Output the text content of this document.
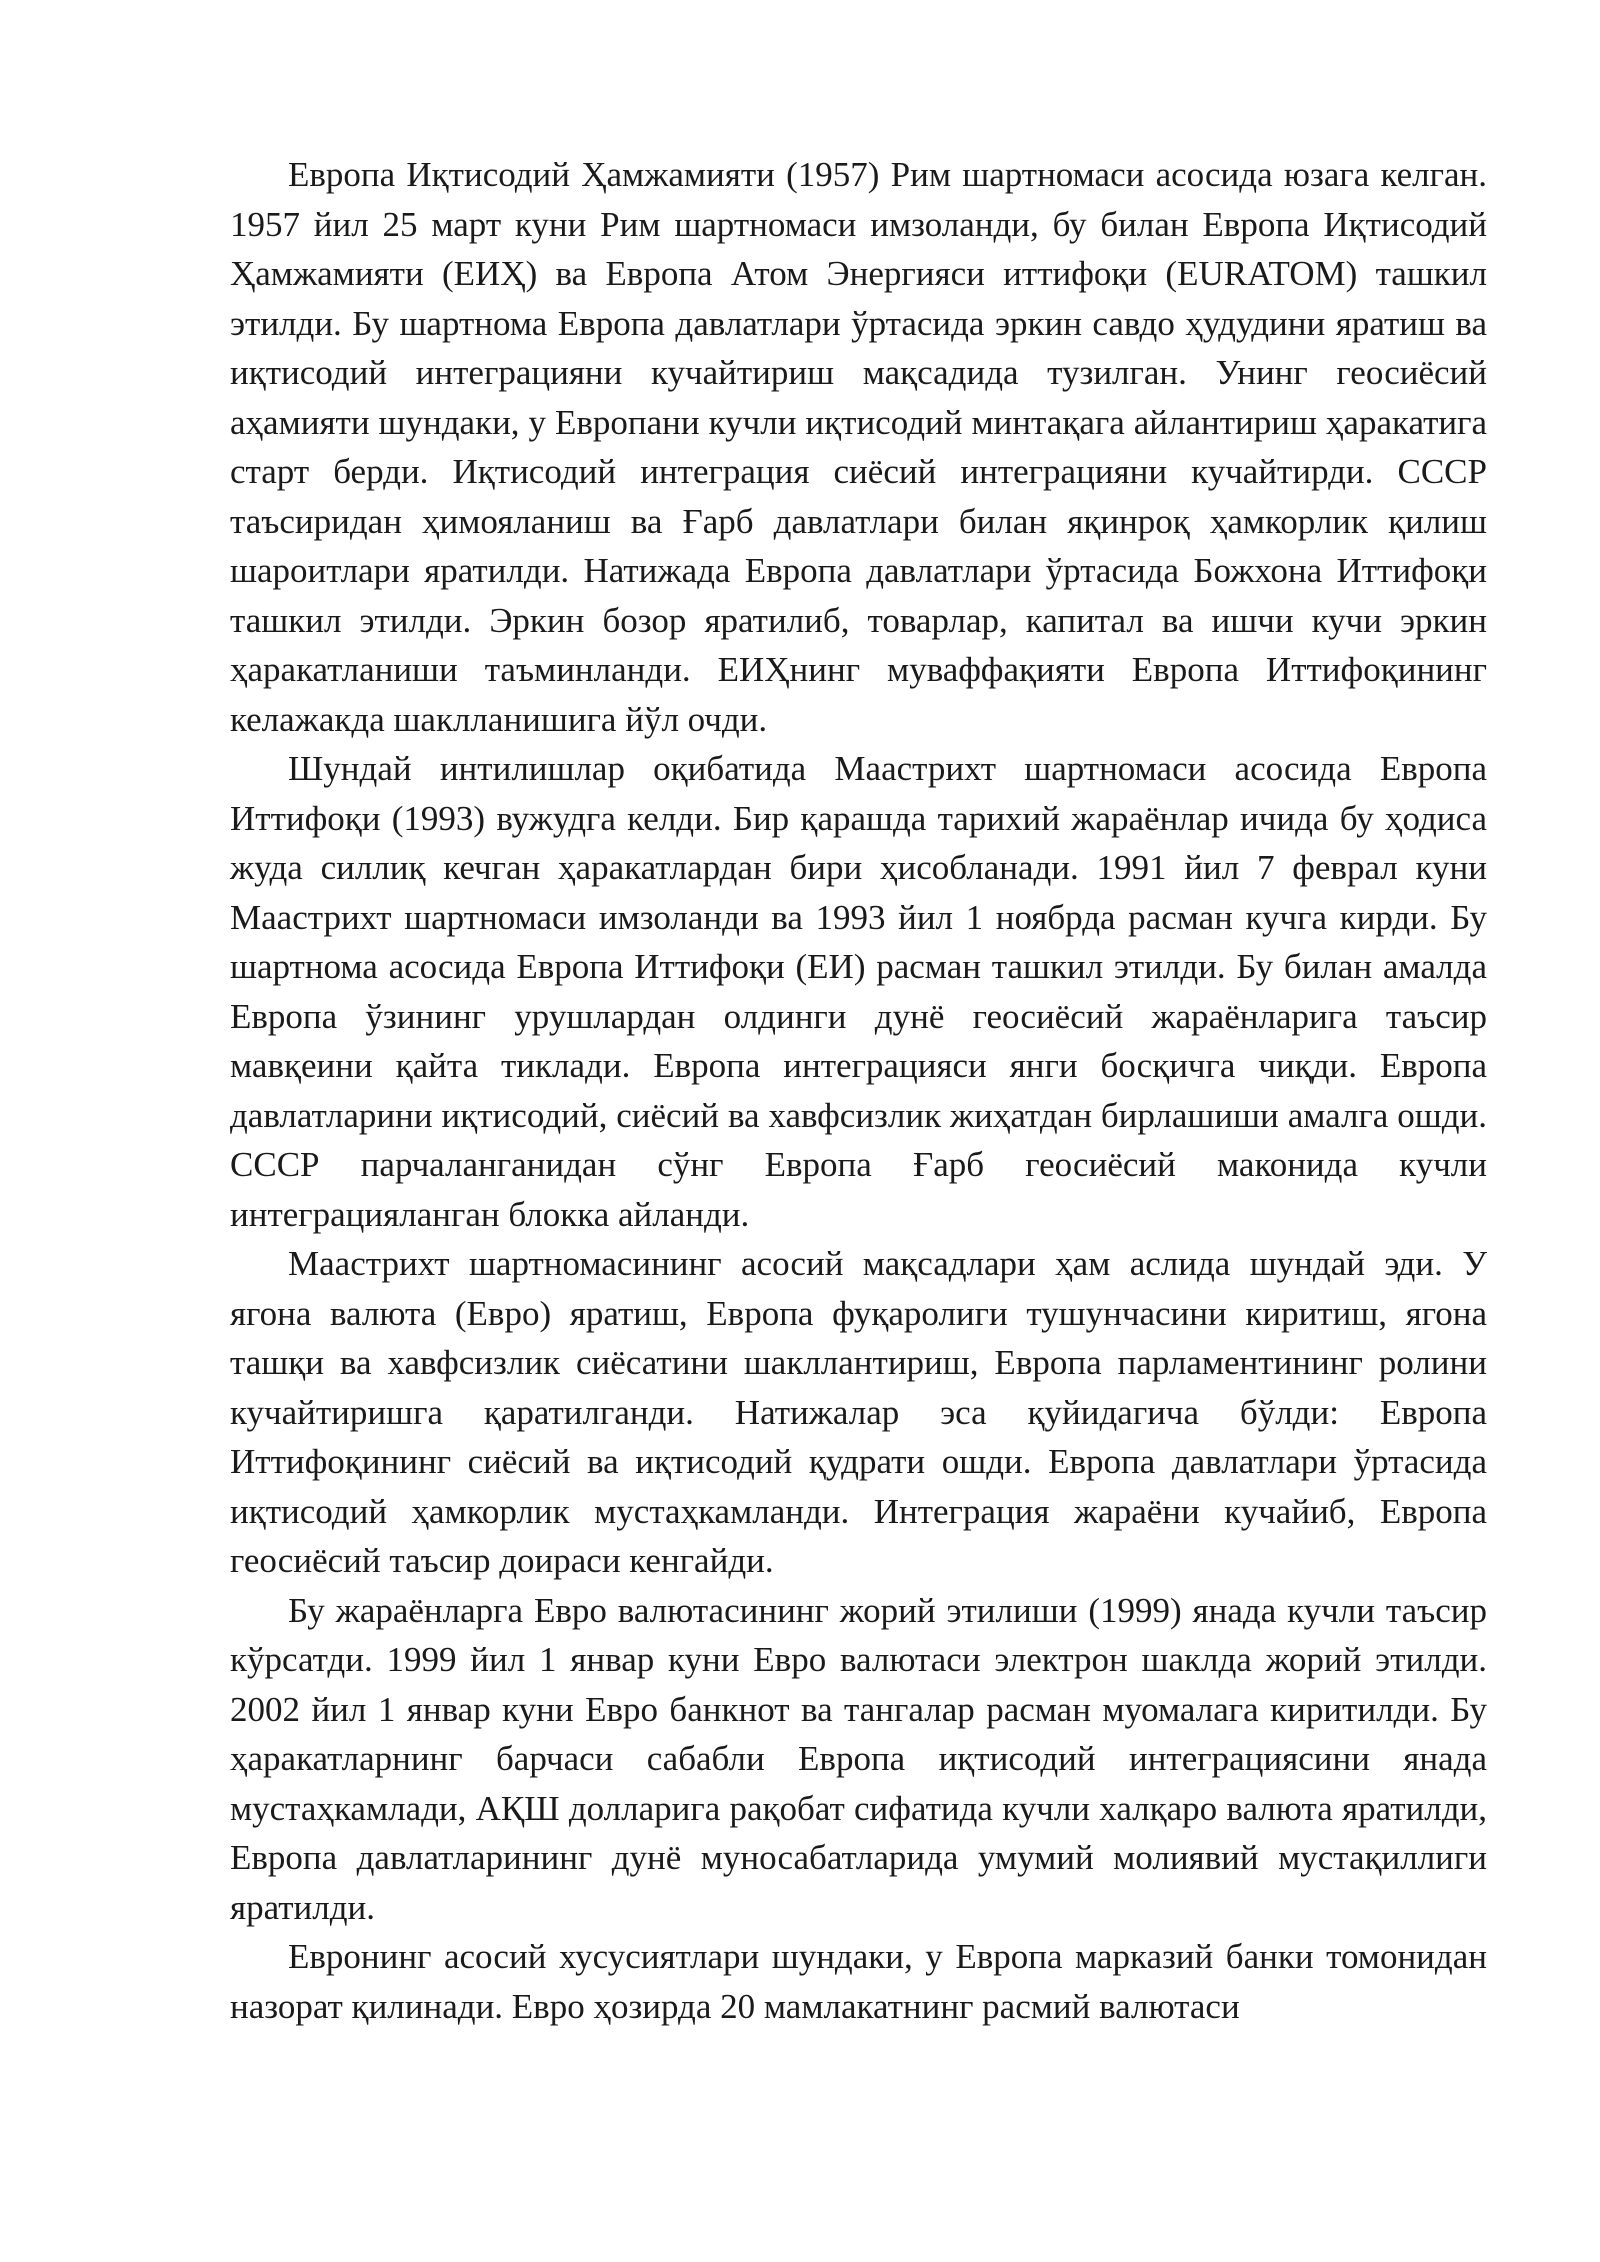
Европа Иқтисодий Ҳамжамияти (1957) Рим шартномаси асосида юзага келган. 1957 йил 25 март куни Рим шартномаси имзоланди, бу билан Европа Иқтисодий Ҳамжамияти (ЕИҲ) ва Европа Атом Энергияси иттифоқи (EURATOM) ташкил этилди. Бу шартнома Европа давлатлари ўртасида эркин савдо ҳудудини яратиш ва иқтисодий интеграцияни кучайтириш мақсадида тузилган. Унинг геосиёсий аҳамияти шундаки, у Европани кучли иқтисодий минтақага айлантириш ҳаракатига старт берди. Иқтисодий интеграция сиёсий интеграцияни кучайтирди. СССР таъсиридан ҳимояланиш ва Ғарб давлатлари билан яқинроқ ҳамкорлик қилиш шароитлари яратилди. Натижада Европа давлатлари ўртасида Божхона Иттифоқи ташкил этилди. Эркин бозор яратилиб, товарлар, капитал ва ишчи кучи эркин ҳаракатланиши таъминланди. ЕИҲнинг муваффақияти Европа Иттифоқининг келажакда шаклланишига йўл очди.

Шундай интилишлар оқибатида Маастрихт шартномаси асосида Европа Иттифоқи (1993) вужудга келди. Бир қарашда тарихий жараёнлар ичида бу ҳодиса жуда силлиқ кечган ҳаракатлардан бири ҳисобланади. 1991 йил 7 феврал куни Маастрихт шартномаси имзоланди ва 1993 йил 1 ноябрда расман кучга кирди. Бу шартнома асосида Европа Иттифоқи (ЕИ) расман ташкил этилди. Бу билан амалда Европа ўзининг урушлардан олдинги дунё геосиёсий жараёнларига таъсир мавқеини қайта тиклади. Европа интеграцияси янги босқичга чиқди. Европа давлатларини иқтисодий, сиёсий ва хавфсизлик жиҳатдан бирлашиши амалга ошди. СССР парчаланганидан сўнг Европа Ғарб геосиёсий маконида кучли интеграцияланган блокка айланди.

Маастрихт шартномасининг асосий мақсадлари ҳам аслида шундай эди. У ягона валюта (Евро) яратиш, Европа фуқаролиги тушунчасини киритиш, ягона ташқи ва хавфсизлик сиёсатини шакллантириш, Европа парламентининг ролини кучайтиришга қаратилганди. Натижалар эса қуйидагича бўлди: Европа Иттифоқининг сиёсий ва иқтисодий қудрати ошди. Европа давлатлари ўртасида иқтисодий ҳамкорлик мустаҳкамланди. Интеграция жараёни кучайиб, Европа геосиёсий таъсир доираси кенгайди.

Бу жараёнларга Евро валютасининг жорий этилиши (1999) янада кучли таъсир кўрсатди. 1999 йил 1 январ куни Евро валютаси электрон шаклда жорий этилди. 2002 йил 1 январ куни Евро банкнот ва тангалар расман муомалага киритилди. Бу ҳаракатларнинг барчаси сабабли Европа иқтисодий интеграциясини янада мустаҳкамлади, АҚШ долларига рақобат сифатида кучли халқаро валюта яратилди, Европа давлатларининг дунё муносабатларида умумий молиявий мустақиллиги яратилди.

Евронинг асосий хусусиятлари шундаки, у Европа марказий банки томонидан назорат қилинади. Евро ҳозирда 20 мамлакатнинг расмий валютаси
